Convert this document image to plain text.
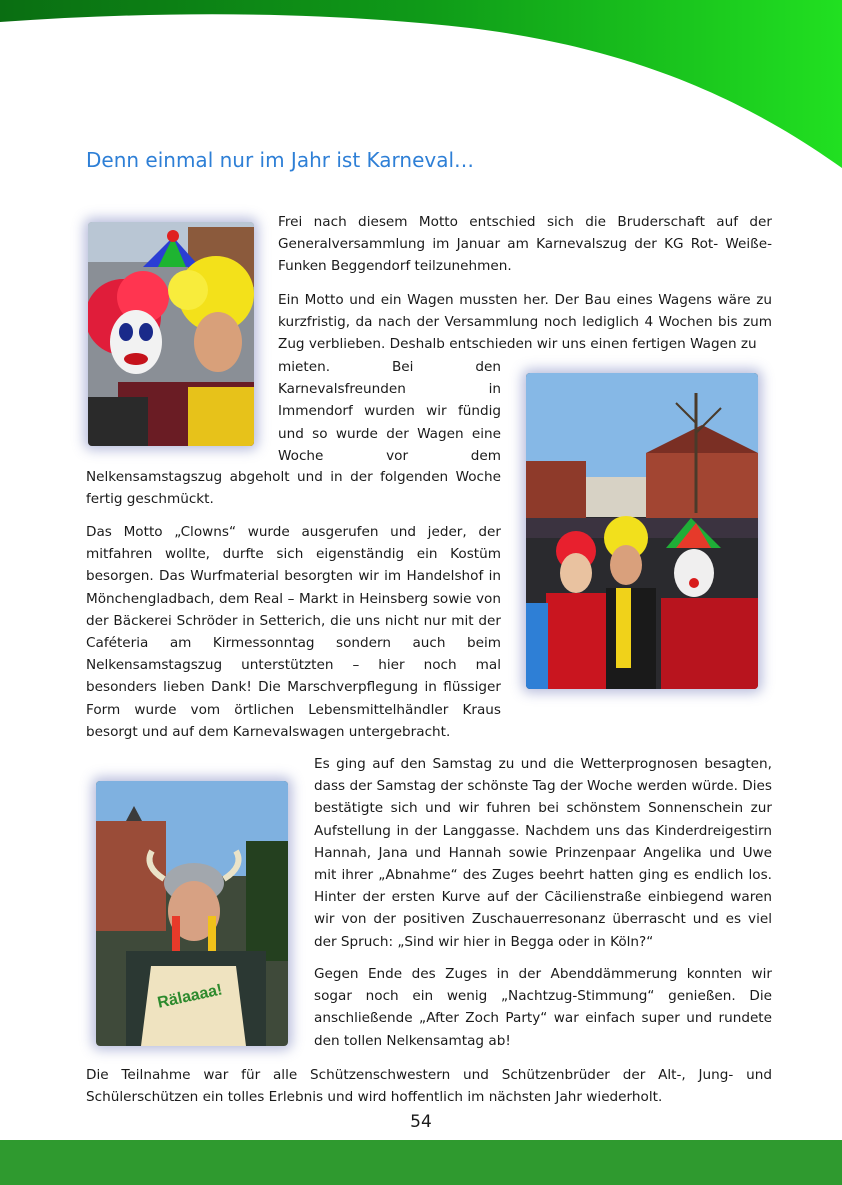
Denn einmal nur im Jahr ist Karneval…
Rälaaaa!

Frei nach diesem Motto entschied sich die Bruderschaft auf der Generalversammlung im Januar am Karnevalszug der KG Rot- Weiße-Funken Beggendorf teilzunehmen.

Ein Motto und ein Wagen mussten her. Der Bau eines Wagens wäre zu kurzfristig, da nach der Versammlung noch lediglich 4 Wochen bis zum Zug verblieben. Deshalb entschieden wir uns einen fertigen Wagen zu

mieten. Bei den Karnevalsfreunden in Immendorf wurden wir fündig und so wurde der Wagen eine Woche vor dem

Nelkensamstagszug abgeholt und in der folgenden Woche fertig geschmückt.

Das Motto „Clowns“ wurde ausgerufen und jeder, der mitfahren wollte, durfte sich eigenständig ein Kostüm besorgen. Das Wurfmaterial besorgten wir im Handelshof in Mönchengladbach, dem Real – Markt in Heinsberg sowie von der Bäckerei Schröder in Setterich, die uns nicht nur mit der Caféteria am Kirmessonntag sondern auch beim Nelkensamstagszug unterstützten – hier noch mal besonders lieben Dank! Die Marschverpflegung in flüssiger Form wurde vom örtlichen Lebensmittelhändler Kraus besorgt und auf dem Karnevalswagen untergebracht.

Es ging auf den Samstag zu und die Wetterprognosen besagten, dass der Samstag der schönste Tag der Woche werden würde. Dies bestätigte sich und wir fuhren bei schönstem Sonnenschein zur Aufstellung in der Langgasse. Nachdem uns das Kinderdreigestirn Hannah, Jana und Hannah sowie Prinzenpaar Angelika und Uwe mit ihrer „Abnahme“ des Zuges beehrt hatten ging es endlich los. Hinter der ersten Kurve auf der Cäcilienstraße einbiegend waren wir von der positiven Zuschauerresonanz überrascht und es viel der Spruch: „Sind wir hier in Begga oder in Köln?“

Gegen Ende des Zuges in der Abenddämmerung konnten wir sogar noch ein wenig „Nachtzug-Stimmung“ genießen. Die anschließende „After Zoch Party“ war einfach super und rundete den tollen Nelkensamtag ab!

Die Teilnahme war für alle Schützenschwestern und Schützenbrüder der Alt-, Jung- und Schülerschützen ein tolles Erlebnis und wird hoffentlich im nächsten Jahr wiederholt.

54
